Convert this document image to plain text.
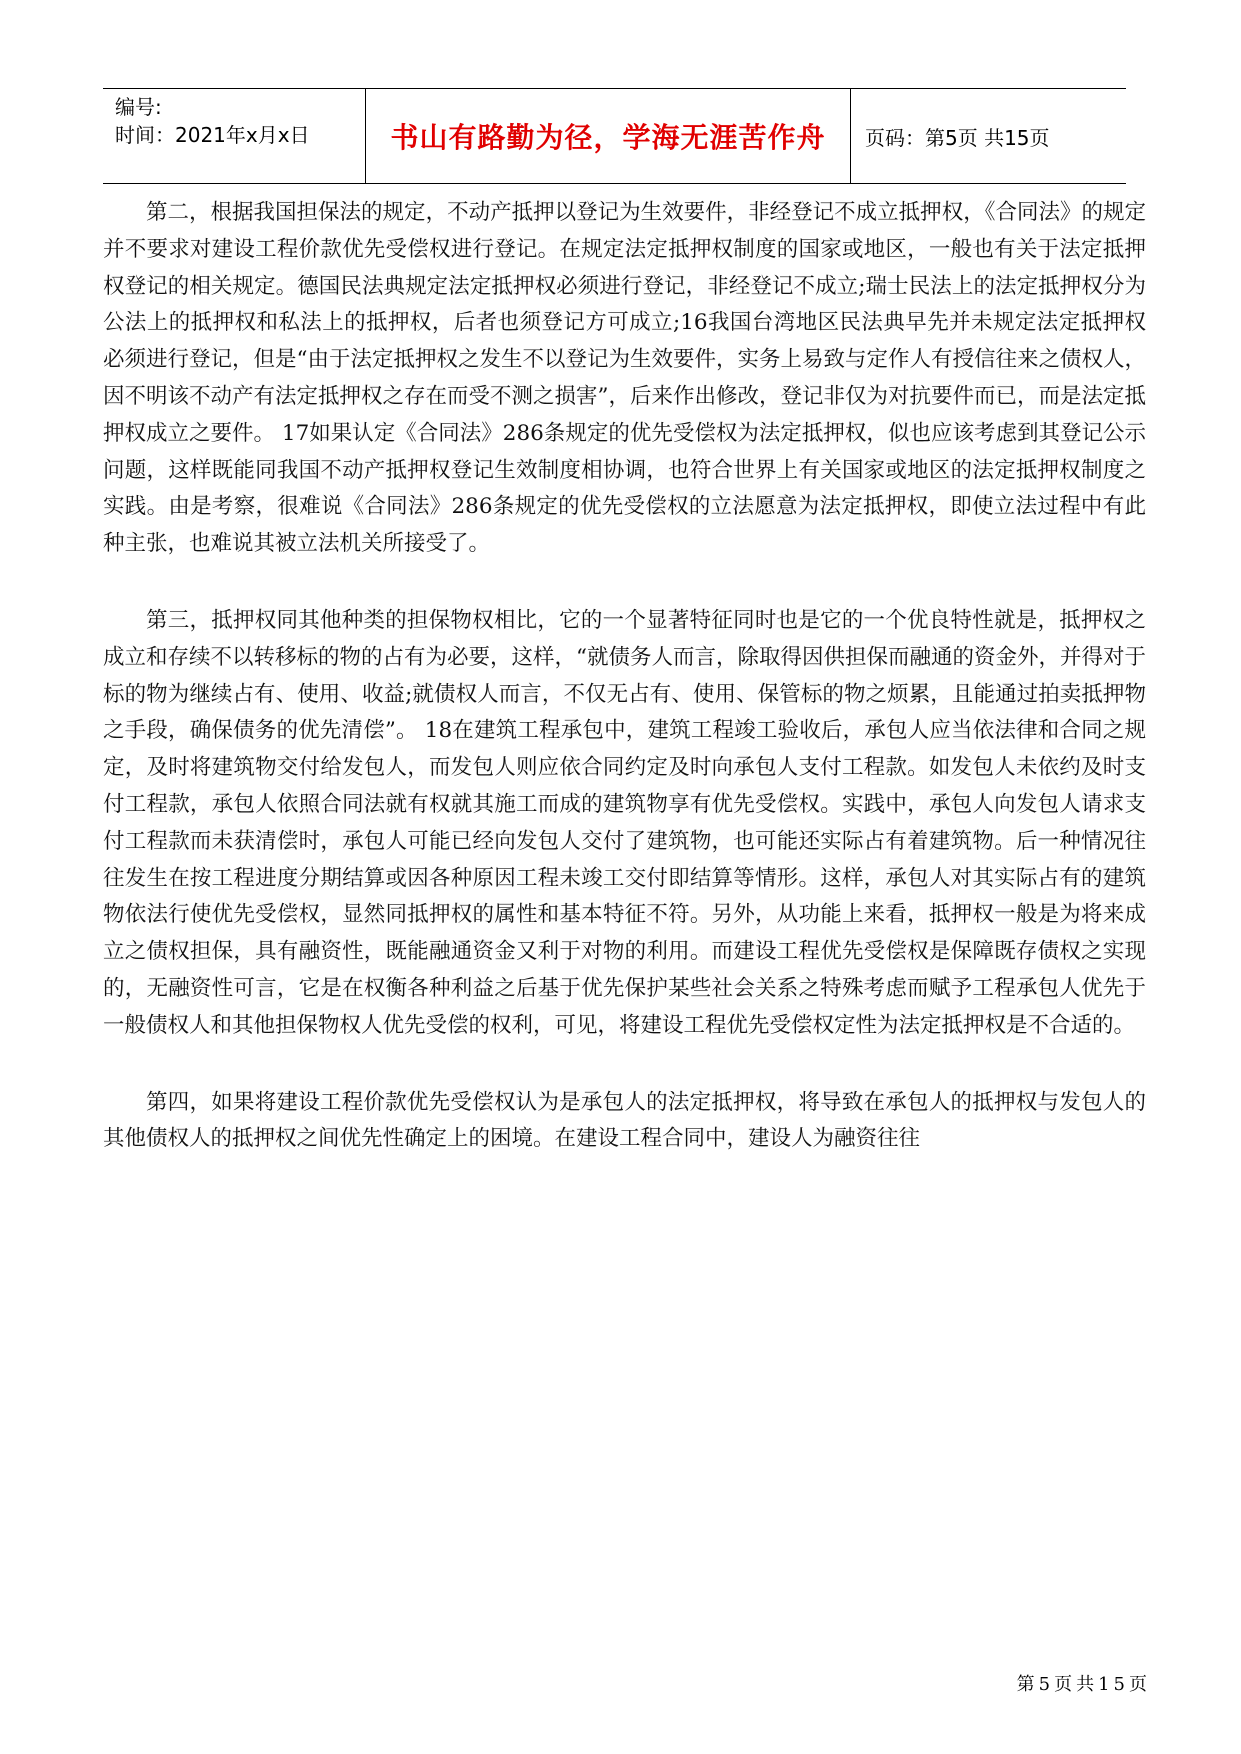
编号:
时间：2021年x月x日	书山有路勤为径，学海无涯苦作舟	页码：第5页 共15页

第二，根据我国担保法的规定，不动产抵押以登记为生效要件，非经登记不成立抵押权，《合同法》的规定并不要求对建设工程价款优先受偿权进行登记。在规定法定抵押权制度的国家或地区，一般也有关于法定抵押权登记的相关规定。德国民法典规定法定抵押权必须进行登记，非经登记不成立;瑞士民法上的法定抵押权分为公法上的抵押权和私法上的抵押权，后者也须登记方可成立;16我国台湾地区民法典早先并未规定法定抵押权必须进行登记，但是“由于法定抵押权之发生不以登记为生效要件，实务上易致与定作人有授信往来之债权人，因不明该不动产有法定抵押权之存在而受不测之损害”，后来作出修改，登记非仅为对抗要件而已，而是法定抵押权成立之要件。 17如果认定《合同法》286条规定的优先受偿权为法定抵押权，似也应该考虑到其登记公示问题，这样既能同我国不动产抵押权登记生效制度相协调，也符合世界上有关国家或地区的法定抵押权制度之实践。由是考察，很难说《合同法》286条规定的优先受偿权的立法愿意为法定抵押权，即使立法过程中有此种主张，也难说其被立法机关所接受了。

第三，抵押权同其他种类的担保物权相比，它的一个显著特征同时也是它的一个优良特性就是，抵押权之成立和存续不以转移标的物的占有为必要，这样，“就债务人而言，除取得因供担保而融通的资金外，并得对于标的物为继续占有、使用、收益;就债权人而言，不仅无占有、使用、保管标的物之烦累，且能通过拍卖抵押物之手段，确保债务的优先清偿”。 18在建筑工程承包中，建筑工程竣工验收后，承包人应当依法律和合同之规定，及时将建筑物交付给发包人，而发包人则应依合同约定及时向承包人支付工程款。如发包人未依约及时支付工程款，承包人依照合同法就有权就其施工而成的建筑物享有优先受偿权。实践中，承包人向发包人请求支付工程款而未获清偿时，承包人可能已经向发包人交付了建筑物，也可能还实际占有着建筑物。后一种情况往往发生在按工程进度分期结算或因各种原因工程未竣工交付即结算等情形。这样，承包人对其实际占有的建筑物依法行使优先受偿权，显然同抵押权的属性和基本特征不符。另外，从功能上来看，抵押权一般是为将来成立之债权担保，具有融资性，既能融通资金又利于对物的利用。而建设工程优先受偿权是保障既存债权之实现的，无融资性可言，它是在权衡各种利益之后基于优先保护某些社会关系之特殊考虑而赋予工程承包人优先于一般债权人和其他担保物权人优先受偿的权利，可见，将建设工程优先受偿权定性为法定抵押权是不合适的。

第四，如果将建设工程价款优先受偿权认为是承包人的法定抵押权，将导致在承包人的抵押权与发包人的其他债权人的抵押权之间优先性确定上的困境。在建设工程合同中，建设人为融资往往

第5页共15页
